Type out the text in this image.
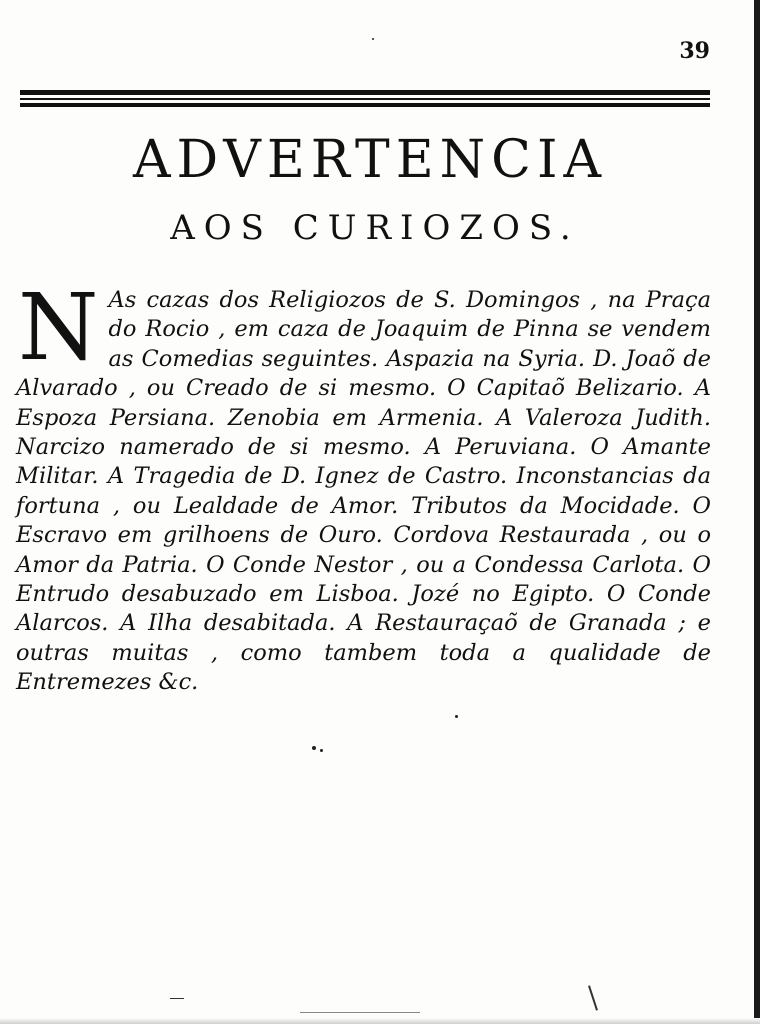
39
ADVERTENCIA
AOS CURIOZOS.
N As cazas dos Religiozos de S. Domingos , na Praça do Rocio , em caza de Joaquim de Pinna se vendem as Comedias seguintes. Aspazia na Syria. D. Joaõ de Alvarado , ou Creado de si mesmo. O Capitaõ Belizario. A Espoza Persiana. Zenobia em Armenia. A Valeroza Judith. Narcizo namerado de si mesmo. A Peruviana. O Amante Militar. A Tragedia de D. Ignez de Castro. Inconstancias da fortuna , ou Lealdade de Amor. Tributos da Mocidade. O Escravo em grilhoens de Ouro. Cordova Restaurada , ou o Amor da Patria. O Conde Nestor , ou a Condessa Carlota. O Entrudo desabuzado em Lisboa. Jozé no Egipto. O Conde Alarcos. A Ilha desabitada. A Restauraçaõ de Granada ; e outras muitas , como tambem toda a qualidade de Entremezes &c.
